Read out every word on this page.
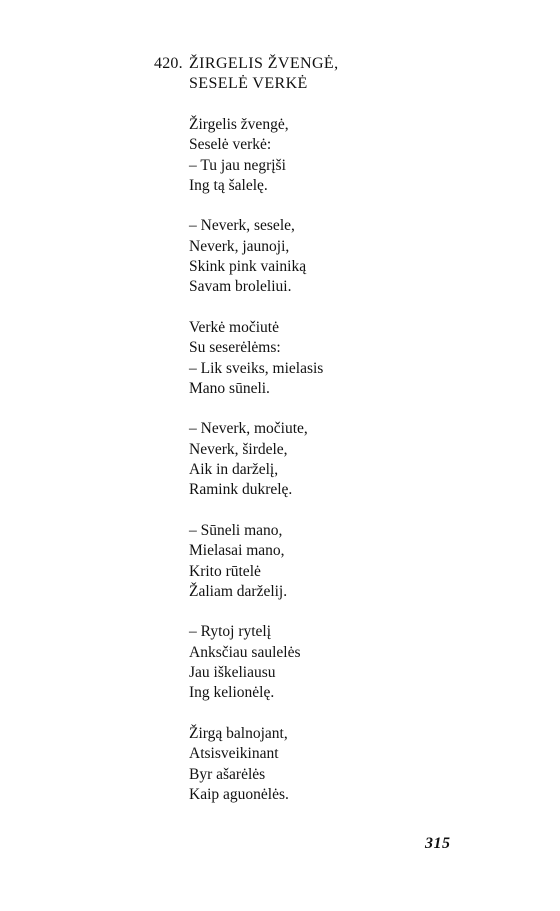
420. ŽIRGELIS ŽVENGĖ,
SESELĖ VERKĖ
Žirgelis žvengė,
Seselė verkė:
– Tu jau negrįši
Ing tą šalelę.
– Neverk, sesele,
Neverk, jaunoji,
Skink pink vainiką
Savam broleliui.
Verkė močiutė
Su seserėlėms:
– Lik sveiks, mielasis
Mano sūneli.
– Neverk, močiute,
Neverk, širdele,
Aik in darželį,
Ramink dukrelę.
– Sūneli mano,
Mielasai mano,
Krito rūtelė
Žaliam darželij.
– Rytoj rytelį
Anksčiau saulelės
Jau iškeliausu
Ing kelionėlę.
Žirgą balnojant,
Atsisveikinant
Byr ašarėlės
Kaip aguonėlės.
315
